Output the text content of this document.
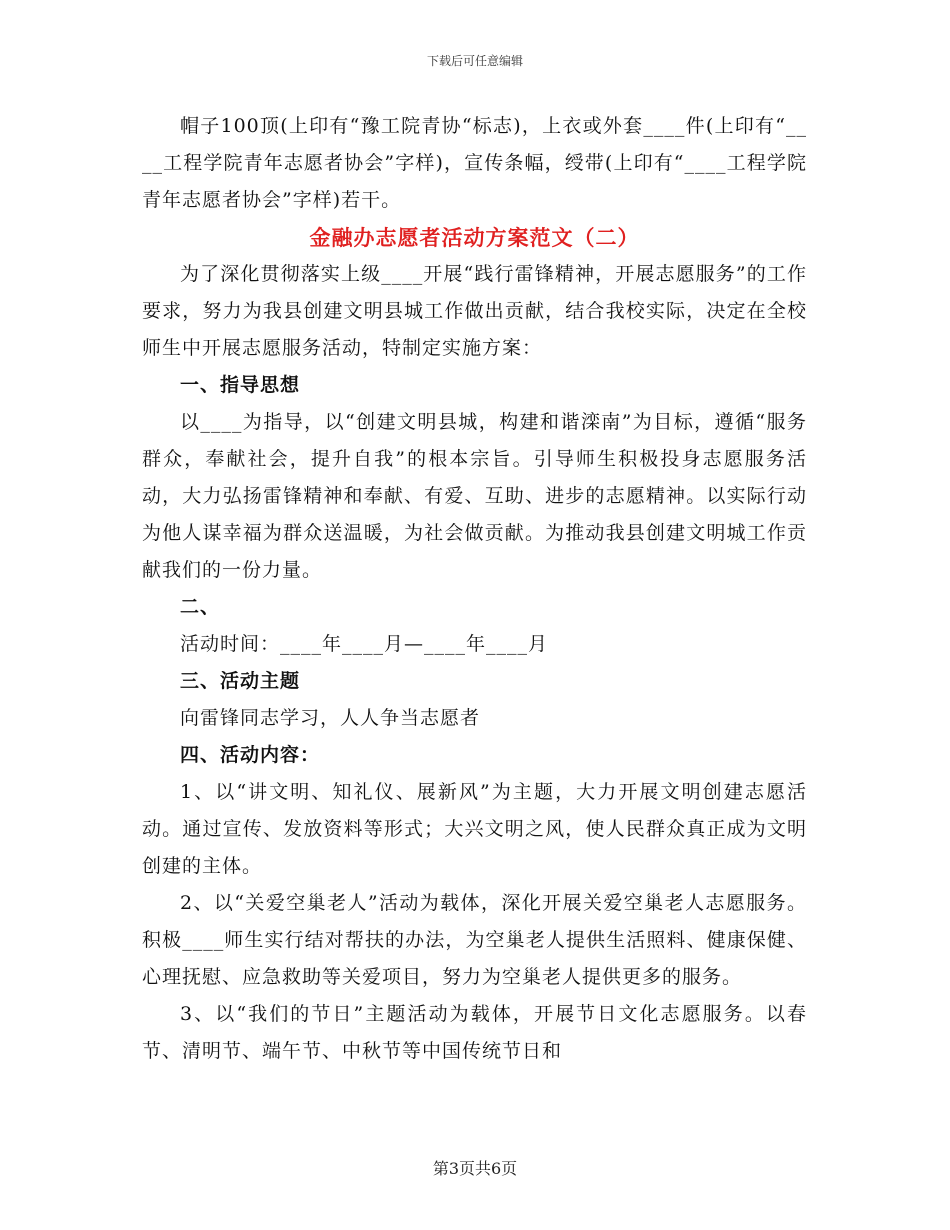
下载后可任意编辑

帽子100顶(上印有“豫工院青协“标志)，上衣或外套____件(上印有“____工程学院青年志愿者协会”字样)，宣传条幅，绶带(上印有“____工程学院青年志愿者协会”字样)若干。

金融办志愿者活动方案范文（二）

为了深化贯彻落实上级____开展“践行雷锋精神，开展志愿服务”的工作要求，努力为我县创建文明县城工作做出贡献，结合我校实际，决定在全校师生中开展志愿服务活动，特制定实施方案：

一、指导思想

以____为指导，以“创建文明县城，构建和谐滦南”为目标，遵循“服务群众，奉献社会，提升自我”的根本宗旨。引导师生积极投身志愿服务活动，大力弘扬雷锋精神和奉献、有爱、互助、进步的志愿精神。以实际行动为他人谋幸福为群众送温暖，为社会做贡献。为推动我县创建文明城工作贡献我们的一份力量。

二、

活动时间：____年____月—____年____月

三、活动主题

向雷锋同志学习，人人争当志愿者

四、活动内容：

1、以“讲文明、知礼仪、展新风”为主题，大力开展文明创建志愿活动。通过宣传、发放资料等形式；大兴文明之风，使人民群众真正成为文明创建的主体。

2、以“关爱空巢老人”活动为载体，深化开展关爱空巢老人志愿服务。积极____师生实行结对帮扶的办法，为空巢老人提供生活照料、健康保健、心理抚慰、应急救助等关爱项目，努力为空巢老人提供更多的服务。

3、以“我们的节日”主题活动为载体，开展节日文化志愿服务。以春节、清明节、端午节、中秋节等中国传统节日和

第3页共6页
